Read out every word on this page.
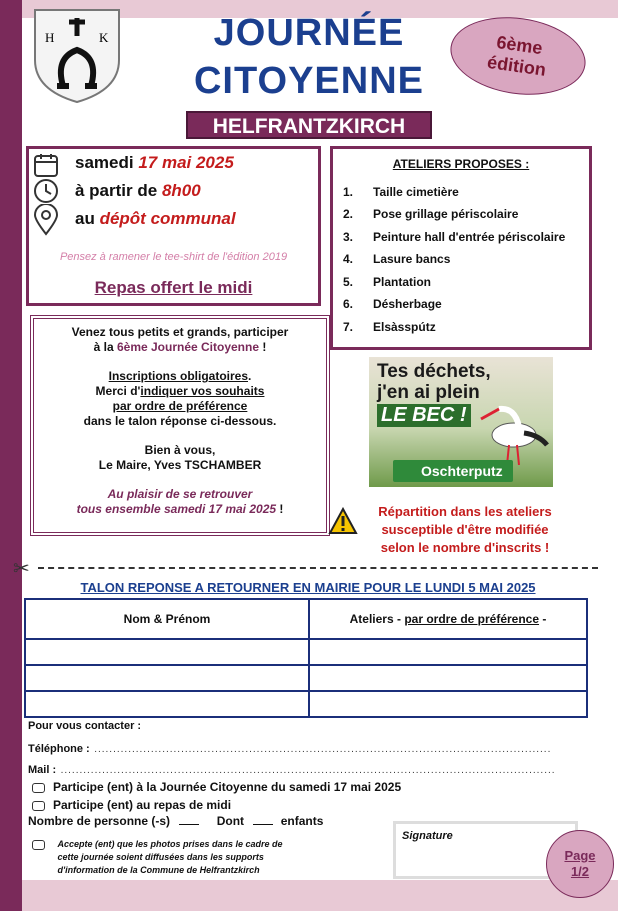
H	K	JOURNÉE
CITOYENNE
HELFRANTZKIRCH
6ème
édition
samedi 17 mai 2025
à partir de 8h00
au dépôt communal
Pensez à ramener le tee-shirt de l'édition 2019
Repas offert le midi
ATELIERS PROPOSES :
1. Taille cimetière
2. Pose grillage périscolaire
3. Peinture hall d'entrée périscolaire
4. Lasure bancs
5. Plantation
6. Désherbage
7. Elsàsspútz
Venez tous petits et grands, participer
à la 6ème Journée Citoyenne !
Inscriptions obligatoires.
Merci d'indiquer vos souhaits
par ordre de préférence
dans le talon réponse ci-dessous.
Bien à vous,
Le Maire, Yves TSCHAMBER
Au plaisir de se retrouver
tous ensemble samedi 17 mai 2025 !
Tes déchets,
j'en ai plein
LE BEC !
Oschterputz
Répartition dans les ateliers
susceptible d'être modifiée
selon le nombre d'inscrits !
✂
TALON REPONSE A RETOURNER EN MAIRIE POUR LE LUNDI 5 MAI 2025
Nom & Prénom	Ateliers - par ordre de préférence -

Pour vous contacter :
Téléphone : .........................................................................................................................
Mail : ...................................................................................................................................
Participe (ent) à la Journée Citoyenne du samedi 17 mai 2025
Participe (ent) au repas de midi
Nombre de personne (-s)	Dont	enfants

Accepte (ent) que les photos prises dans le cadre de
cette journée soient diffusées dans les supports
d'information de la Commune de Helfrantzkirch
Signature
Page
1/2
